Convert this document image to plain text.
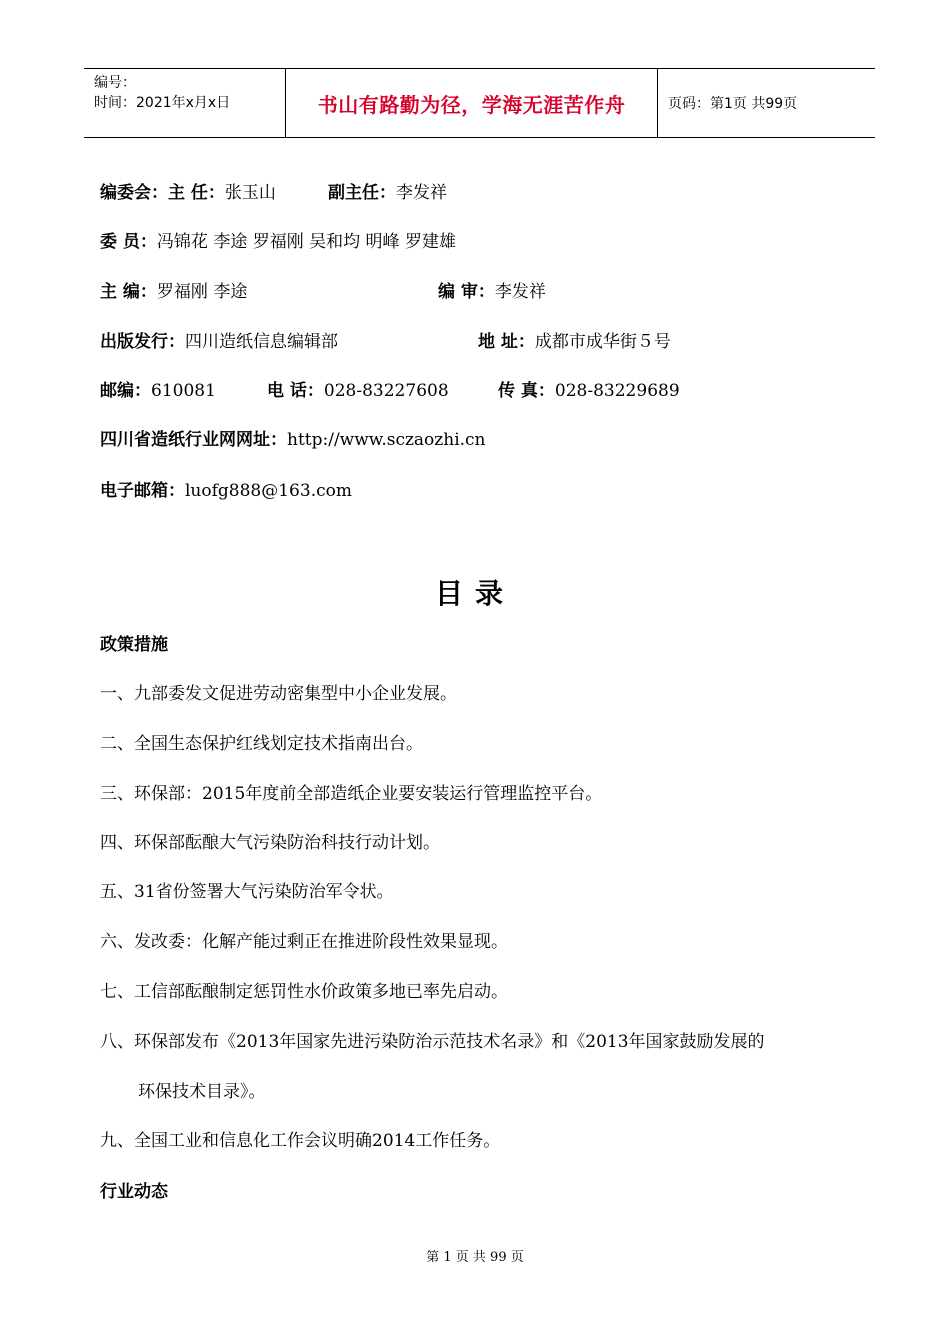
编号：
时间：2021年x月x日	书山有路勤为径，学海无涯苦作舟	页码：第1页 共99页
编委会：主 任：张玉山	副主任：李发祥
委 员：冯锦花 李途 罗福刚 吴和均 明峰 罗建雄
主 编：罗福刚 李途	编 审：李发祥
出版发行：四川造纸信息编辑部	地 址：成都市成华街５号
邮编：610081	电 话：028-83227608	传 真：028-83229689
四川省造纸行业网网址：http://www.sczaozhi.cn
电子邮箱：luofg888@163.com
目录
政策措施
一、九部委发文促进劳动密集型中小企业发展。
二、全国生态保护红线划定技术指南出台。
三、环保部：2015年度前全部造纸企业要安装运行管理监控平台。
四、环保部酝酿大气污染防治科技行动计划。
五、31省份签署大气污染防治军令状。
六、发改委：化解产能过剩正在推进阶段性效果显现。
七、工信部酝酿制定惩罚性水价政策多地已率先启动。
八、环保部发布《2013年国家先进污染防治示范技术名录》和《2013年国家鼓励发展的
环保技术目录》。
九、全国工业和信息化工作会议明确2014工作任务。
行业动态
第 1 页 共 99 页
